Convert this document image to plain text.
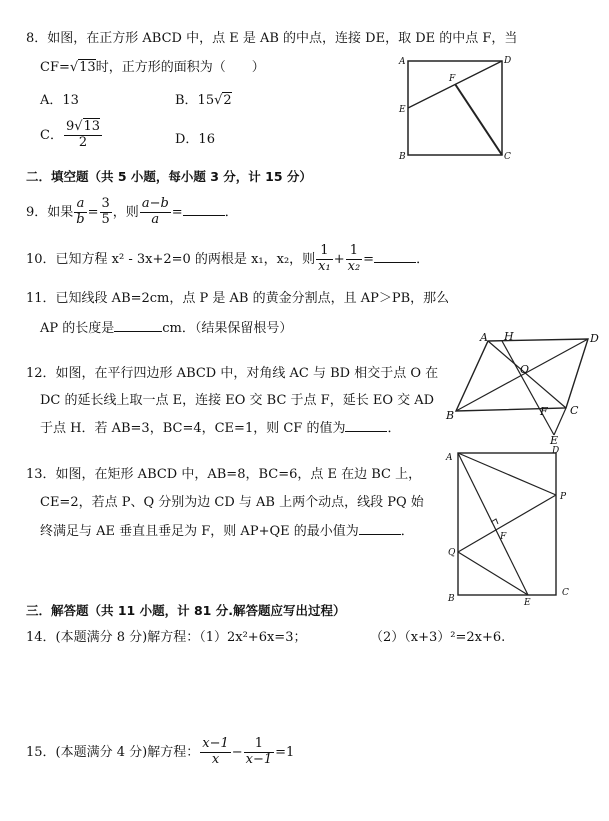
8．如图，在正方形 ABCD 中，点 E 是 AB 的中点，连接 DE，取 DE 的中点 F，当
CF=√13时，正方形的面积为（　　）
A．13	B．15√2
C． $\frac{9√13}{2}$	D．16
A	D
E
F
B	C
二．填空题（共 5 小题，每小题 3 分，计 15 分）
9．如果 $\frac{a}{b} = \frac{3}{5}$ ，则 $\frac{a-b}{a}$ =	．
10．已知方程 x² - 3x+2=0 的两根是 x₁，x₂，则 $\frac{1}{\text{x₁}} + \frac{1}{\text{x₂}}$ =	．
11．已知线段 AB=2cm，点 P 是 AB 的黄金分割点，且 AP＞PB，那么
AP 的长度是	cm．（结果保留根号）
12．如图，在平行四边形 ABCD 中，对角线 AC 与 BD 相交于点 O 在
DC 的延长线上取一点 E，连接 EO 交 BC 于点 F，延长 EO 交 AD
于点 H．若 AB=3，BC=4，CE=1，则 CF 的值为	．
A H	D
O
B	F C
E
13．如图，在矩形 ABCD 中，AB=8，BC=6，点 E 在边 BC 上，
CE=2，若点 P、Q 分别为边 CD 与 AB 上两个动点，线段 PQ 始
终满足与 AE 垂直且垂足为 F，则 AP+QE 的最小值为	．
A
D
P
F
Q
B	E
C
三．解答题（共 11 小题，计 81 分.解答题应写出过程）
14．(本题满分 8 分)解方程：（1）2x²+6x=3；	（2）（x+3）²=2x+6.
15．(本题满分 4 分)解方程： $\frac{x-1}{x} - \frac{1}{x-1} =1$
